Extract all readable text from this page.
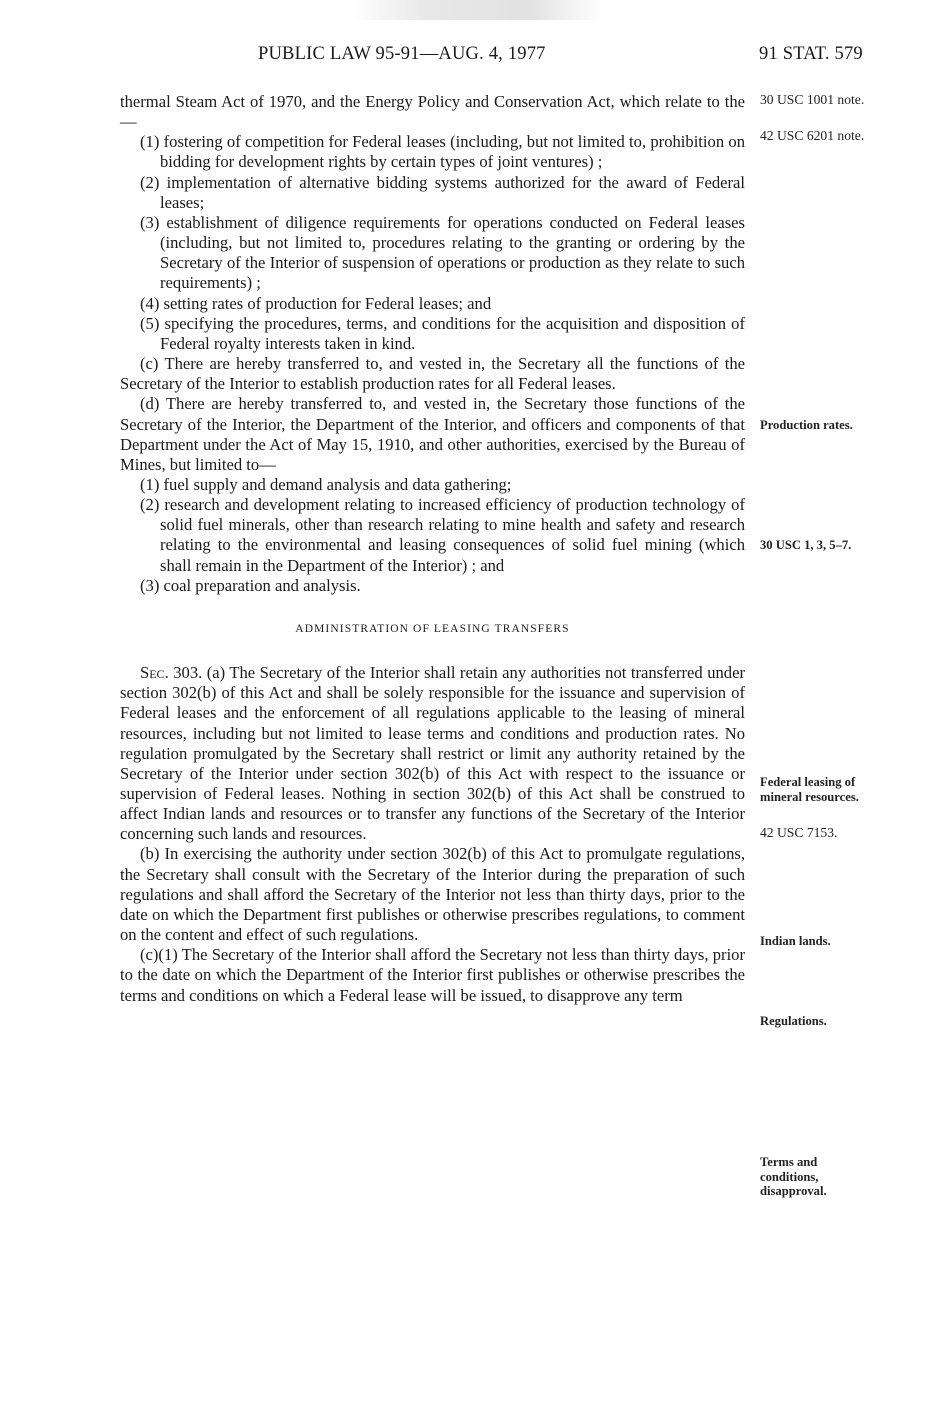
PUBLIC LAW 95-91—AUG. 4, 1977	91 STAT. 579

thermal Steam Act of 1970, and the Energy Policy and Conservation Act, which relate to the—

(1) fostering of competition for Federal leases (including, but not limited to, prohibition on bidding for development rights by certain types of joint ventures) ;

(2) implementation of alternative bidding systems authorized for the award of Federal leases;

(3) establishment of diligence requirements for operations conducted on Federal leases (including, but not limited to, procedures relating to the granting or ordering by the Secretary of the Interior of suspension of operations or production as they relate to such requirements) ;

(4) setting rates of production for Federal leases; and

(5) specifying the procedures, terms, and conditions for the acquisition and disposition of Federal royalty interests taken in kind.

(c) There are hereby transferred to, and vested in, the Secretary all the functions of the Secretary of the Interior to establish production rates for all Federal leases.

(d) There are hereby transferred to, and vested in, the Secretary those functions of the Secretary of the Interior, the Department of the Interior, and officers and components of that Department under the Act of May 15, 1910, and other authorities, exercised by the Bureau of Mines, but limited to—

(1) fuel supply and demand analysis and data gathering;

(2) research and development relating to increased efficiency of production technology of solid fuel minerals, other than research relating to mine health and safety and research relating to the environmental and leasing consequences of solid fuel mining (which shall remain in the Department of the Interior) ; and

(3) coal preparation and analysis.

ADMINISTRATION OF LEASING TRANSFERS

Sec. 303. (a) The Secretary of the Interior shall retain any authorities not transferred under section 302(b) of this Act and shall be solely responsible for the issuance and supervision of Federal leases and the enforcement of all regulations applicable to the leasing of mineral resources, including but not limited to lease terms and conditions and production rates. No regulation promulgated by the Secretary shall restrict or limit any authority retained by the Secretary of the Interior under section 302(b) of this Act with respect to the issuance or supervision of Federal leases. Nothing in section 302(b) of this Act shall be construed to affect Indian lands and resources or to transfer any functions of the Secretary of the Interior concerning such lands and resources.

(b) In exercising the authority under section 302(b) of this Act to promulgate regulations, the Secretary shall consult with the Secretary of the Interior during the preparation of such regulations and shall afford the Secretary of the Interior not less than thirty days, prior to the date on which the Department first publishes or otherwise prescribes regulations, to comment on the content and effect of such regulations.

(c)(1) The Secretary of the Interior shall afford the Secretary not less than thirty days, prior to the date on which the Department of the Interior first publishes or otherwise prescribes the terms and conditions on which a Federal lease will be issued, to disapprove any term

30 USC 1001 note.
42 USC 6201 note.
Production rates.
30 USC 1, 3, 5–7.
Federal leasing of mineral resources.
42 USC 7153.
Indian lands.
Regulations.
Terms and conditions, disapproval.
